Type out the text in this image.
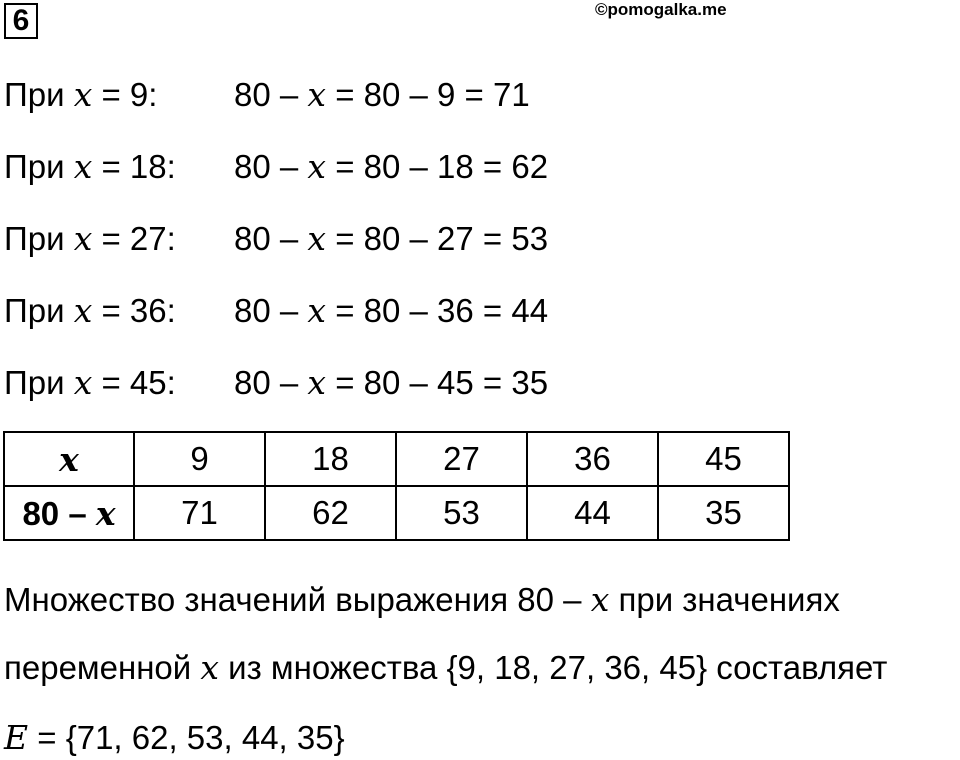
6	©pomogalka.me
При x = 9: 80 – x = 80 – 9 = 71
При x = 18: 80 – x = 80 – 18 = 62
При x = 27: 80 – x = 80 – 27 = 53
При x = 36: 80 – x = 80 – 36 = 44
При x = 45: 80 – x = 80 – 45 = 35
x	9	18	27	36	45
80 – x	71	62	53	44	35
Множество значений выражения 80 – x при значениях
переменной x из множества {9, 18, 27, 36, 45} составляет
E = {71, 62, 53, 44, 35}
